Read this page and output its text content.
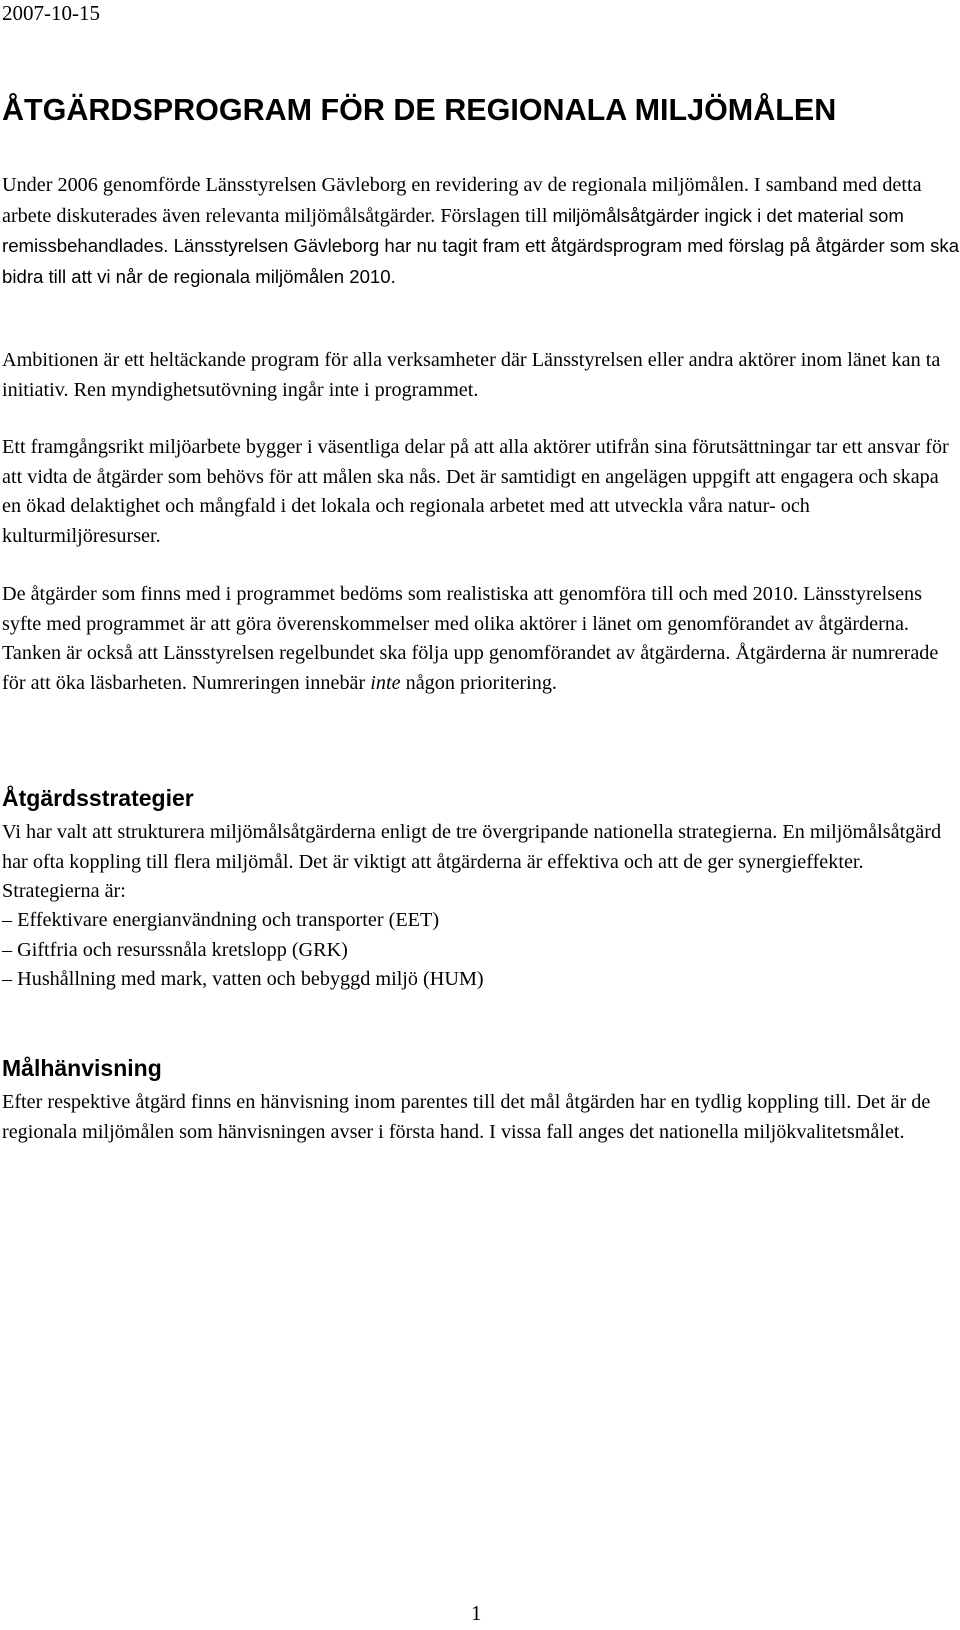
2007-10-15
ÅTGÄRDSPROGRAM FÖR DE REGIONALA MILJÖMÅLEN

Under 2006 genomförde Länsstyrelsen Gävleborg en revidering av de regionala miljömålen. I samband med detta arbete diskuterades även relevanta miljömålsåtgärder. Förslagen till miljömålsåtgärder ingick i det material som remissbehandlades. Länsstyrelsen Gävleborg har nu tagit fram ett åtgärdsprogram med förslag på åtgärder som ska bidra till att vi når de regionala miljömålen 2010.

Ambitionen är ett heltäckande program för alla verksamheter där Länsstyrelsen eller andra aktörer inom länet kan ta initiativ. Ren myndighetsutövning ingår inte i programmet.

Ett framgångsrikt miljöarbete bygger i väsentliga delar på att alla aktörer utifrån sina förutsättningar tar ett ansvar för att vidta de åtgärder som behövs för att målen ska nås. Det är samtidigt en angelägen uppgift att engagera och skapa en ökad delaktighet och mångfald i det lokala och regionala arbetet med att utveckla våra natur- och kulturmiljöresurser.

De åtgärder som finns med i programmet bedöms som realistiska att genomföra till och med 2010. Länsstyrelsens syfte med programmet är att göra överenskommelser med olika aktörer i länet om genomförandet av åtgärderna. Tanken är också att Länsstyrelsen regelbundet ska följa upp genomförandet av åtgärderna. Åtgärderna är numrerade för att öka läsbarheten. Numreringen innebär inte någon prioritering.

Åtgärdsstrategier

Vi har valt att strukturera miljömålsåtgärderna enligt de tre övergripande nationella strategierna. En miljömålsåtgärd har ofta koppling till flera miljömål. Det är viktigt att åtgärderna är effektiva och att de ger synergieffekter. Strategierna är:

– Effektivare energianvändning och transporter (EET)
– Giftfria och resurssnåla kretslopp (GRK)
– Hushållning med mark, vatten och bebyggd miljö (HUM)
Målhänvisning

Efter respektive åtgärd finns en hänvisning inom parentes till det mål åtgärden har en tydlig koppling till. Det är de regionala miljömålen som hänvisningen avser i första hand. I vissa fall anges det nationella miljökvalitetsmålet.

1
